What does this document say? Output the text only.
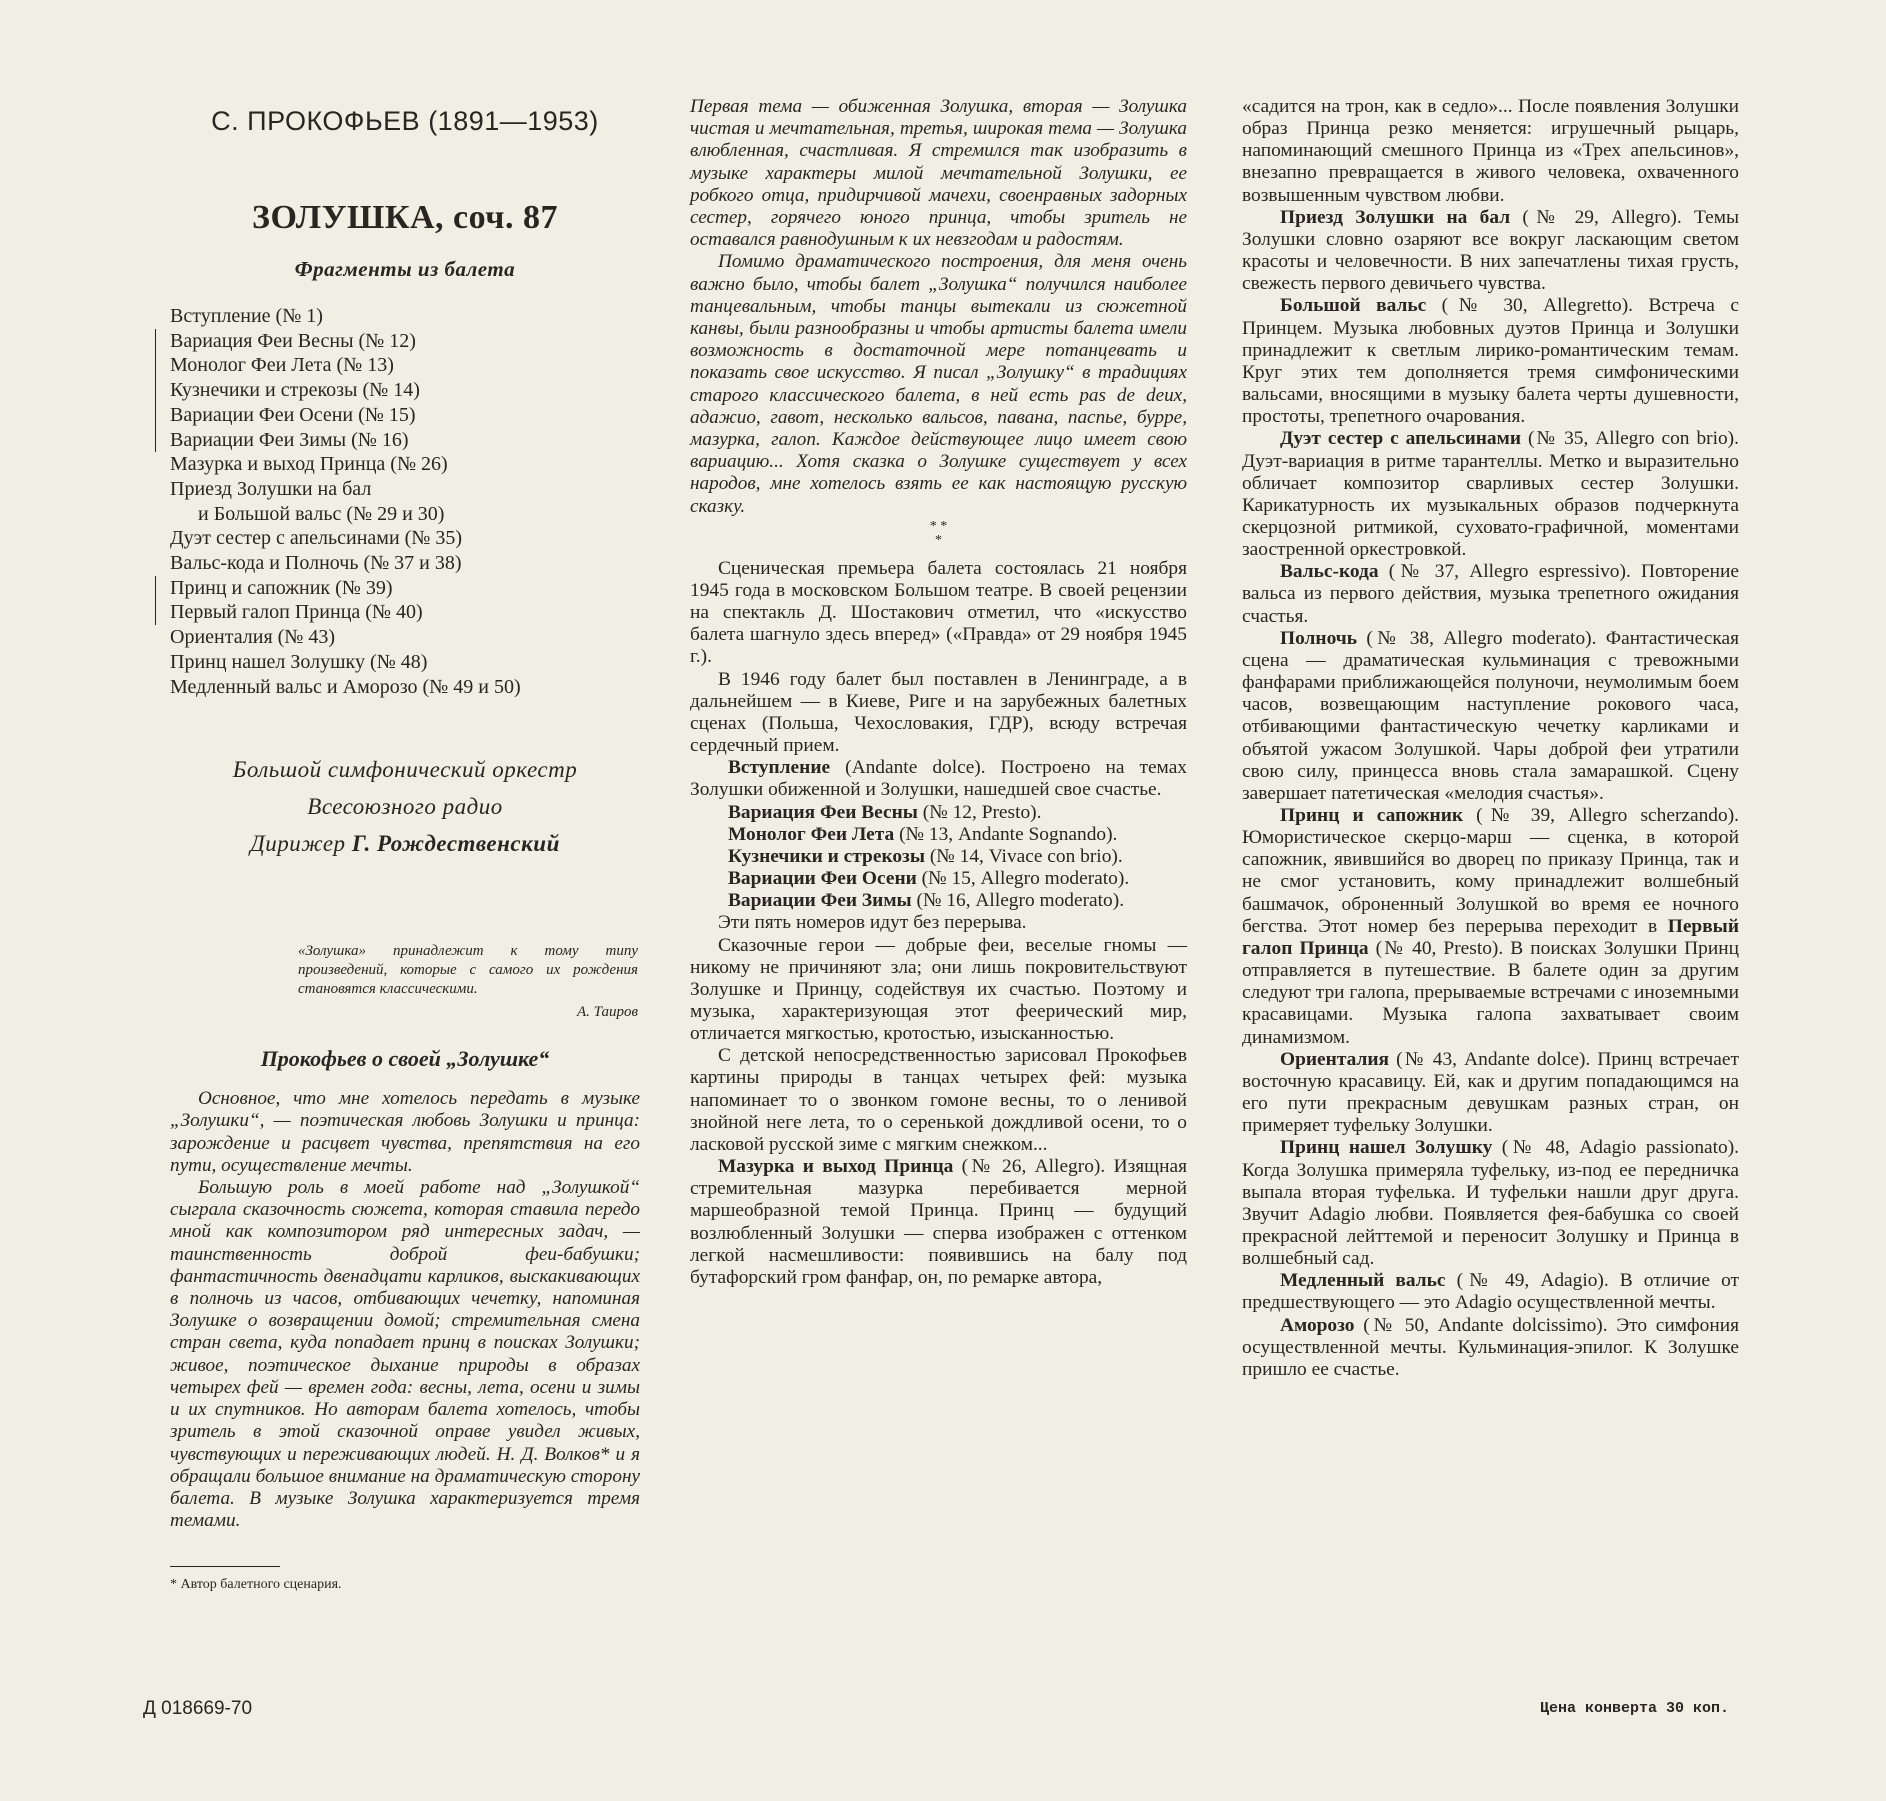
С. ПРОКОФЬЕВ (1891—1953)
ЗОЛУШКА, соч. 87
Фрагменты из балета
Вступление (№ 1)
Вариация Феи Весны (№ 12)
Монолог Феи Лета (№ 13)
Кузнечики и стрекозы (№ 14)
Вариации Феи Осени (№ 15)
Вариации Феи Зимы (№ 16)
Мазурка и выход Принца (№ 26)
Приезд Золушки на бал
и Большой вальс (№ 29 и 30)
Дуэт сестер с апельсинами (№ 35)
Вальс-кода и Полночь (№ 37 и 38)
Принц и сапожник (№ 39)
Первый галоп Принца (№ 40)
Ориенталия (№ 43)
Принц нашел Золушку (№ 48)
Медленный вальс и Аморозо (№ 49 и 50)
Большой симфонический оркестр
Всесоюзного радио
Дирижер Г. Рождественский
«Золушка» принадлежит к тому типу произведений, которые с самого их рождения становятся классическими.
А. Таиров
Прокофьев о своей „Золушке“

Основное, что мне хотелось передать в музыке „Золушки“, — поэтическая любовь Золушки и принца: зарождение и расцвет чувства, препятствия на его пути, осуществление мечты.

Большую роль в моей работе над „Золушкой“ сыграла сказочность сюжета, которая ставила передо мной как композитором ряд интересных задач, — таинственность доброй феи-бабушки; фантастичность двенадцати карликов, выскакивающих в полночь из часов, отбивающих чечетку, напоминая Золушке о возвращении домой; стремительная смена стран света, куда попадает принц в поисках Золушки; живое, поэтическое дыхание природы в образах четырех фей — времен года: весны, лета, осени и зимы и их спутников. Но авторам балета хотелось, чтобы зритель в этой сказочной оправе увидел живых, чувствующих и переживающих людей. Н. Д. Волков* и я обращали большое внимание на драматическую сторону балета. В музыке Золушка характеризуется тремя темами.

* Автор балетного сценария.

Первая тема — обиженная Золушка, вторая — Золушка чистая и мечтательная, третья, широкая тема — Золушка влюбленная, счастливая. Я стремился так изобразить в музыке характеры милой мечтательной Золушки, ее робкого отца, придирчивой мачехи, своенравных задорных сестер, горячего юного принца, чтобы зритель не оставался равнодушным к их невзгодам и радостям.

Помимо драматического построения, для меня очень важно было, чтобы балет „Золушка“ получился наиболее танцевальным, чтобы танцы вытекали из сюжетной канвы, были разнообразны и чтобы артисты балета имели возможность в достаточной мере потанцевать и показать свое искусство. Я писал „Золушку“ в традициях старого классического балета, в ней есть pas de deux, адажио, гавот, несколько вальсов, павана, паспье, бурре, мазурка, галоп. Каждое действующее лицо имеет свою вариацию... Хотя сказка о Золушке существует у всех народов, мне хотелось взять ее как настоящую русскую сказку.

* *
*

Сценическая премьера балета состоялась 21 ноября 1945 года в московском Большом театре. В своей рецензии на спектакль Д. Шостакович отметил, что «искусство балета шагнуло здесь вперед» («Правда» от 29 ноября 1945 г.).

В 1946 году балет был поставлен в Ленинграде, а в дальнейшем — в Киеве, Риге и на зарубежных балетных сценах (Польша, Чехословакия, ГДР), всюду встречая сердечный прием.

Вступление (Andante dolce). Построено на темах Золушки обиженной и Золушки, нашедшей свое счастье.

Вариация Феи Весны (№ 12, Presto).

Монолог Феи Лета (№ 13, Andante Sognando).

Кузнечики и стрекозы (№ 14, Vivace con brio).

Вариации Феи Осени (№ 15, Allegro moderato).

Вариации Феи Зимы (№ 16, Allegro moderato).

Эти пять номеров идут без перерыва.

Сказочные герои — добрые феи, веселые гномы — никому не причиняют зла; они лишь покровительствуют Золушке и Принцу, содействуя их счастью. Поэтому и музыка, характеризующая этот феерический мир, отличается мягкостью, кротостью, изысканностью.

С детской непосредственностью зарисовал Прокофьев картины природы в танцах четырех фей: музыка напоминает то о звонком гомоне весны, то о ленивой знойной неге лета, то о серенькой дождливой осени, то о ласковой русской зиме с мягким снежком...

Мазурка и выход Принца (№ 26, Allegro). Изящная стремительная мазурка перебивается мерной маршеобразной темой Принца. Принц — будущий возлюбленный Золушки — сперва изображен с оттенком легкой насмешливости: появившись на балу под бутафорский гром фанфар, он, по ремарке автора,

«садится на трон, как в седло»... После появления Золушки образ Принца резко меняется: игрушечный рыцарь, напоминающий смешного Принца из «Трех апельсинов», внезапно превращается в живого человека, охваченного возвышенным чувством любви.

Приезд Золушки на бал (№ 29, Allegro). Темы Золушки словно озаряют все вокруг ласкающим светом красоты и человечности. В них запечатлены тихая грусть, свежесть первого девичьего чувства.

Большой вальс (№ 30, Allegretto). Встреча с Принцем. Музыка любовных дуэтов Принца и Золушки принадлежит к светлым лирико-романтическим темам. Круг этих тем дополняется тремя симфоническими вальсами, вносящими в музыку балета черты душевности, простоты, трепетного очарования.

Дуэт сестер с апельсинами (№ 35, Allegro con brio). Дуэт-вариация в ритме тарантеллы. Метко и выразительно обличает композитор сварливых сестер Золушки. Карикатурность их музыкальных образов подчеркнута скерцозной ритмикой, суховато-графичной, моментами заостренной оркестровкой.

Вальс-кода (№ 37, Allegro espressivo). Повторение вальса из первого действия, музыка трепетного ожидания счастья.

Полночь (№ 38, Allegro moderato). Фантастическая сцена — драматическая кульминация с тревожными фанфарами приближающейся полуночи, неумолимым боем часов, возвещающим наступление рокового часа, отбивающими фантастическую чечетку карликами и объятой ужасом Золушкой. Чары доброй феи утратили свою силу, принцесса вновь стала замарашкой. Сцену завершает патетическая «мелодия счастья».

Принц и сапожник (№ 39, Allegro scherzando). Юмористическое скерцо-марш — сценка, в которой сапожник, явившийся во дворец по приказу Принца, так и не смог установить, кому принадлежит волшебный башмачок, оброненный Золушкой во время ее ночного бегства. Этот номер без перерыва переходит в Первый галоп Принца (№ 40, Presto). В поисках Золушки Принц отправляется в путешествие. В балете один за другим следуют три галопа, прерываемые встречами с иноземными красавицами. Музыка галопа захватывает своим динамизмом.

Ориенталия (№ 43, Andante dolce). Принц встречает восточную красавицу. Ей, как и другим попадающимся на его пути прекрасным девушкам разных стран, он примеряет туфельку Золушки.

Принц нашел Золушку (№ 48, Adagio passionato). Когда Золушка примеряла туфельку, из-под ее передничка выпала вторая туфелька. И туфельки нашли друг друга. Звучит Adagio любви. Появляется фея-бабушка со своей прекрасной лейттемой и переносит Золушку и Принца в волшебный сад.

Медленный вальс (№ 49, Adagio). В отличие от предшествующего — это Adagio осуществленной мечты.

Аморозо (№ 50, Andante dolcissimo). Это симфония осуществленной мечты. Кульминация-эпилог. К Золушке пришло ее счастье.

Д 018669-70	Цена конверта 30 коп.
